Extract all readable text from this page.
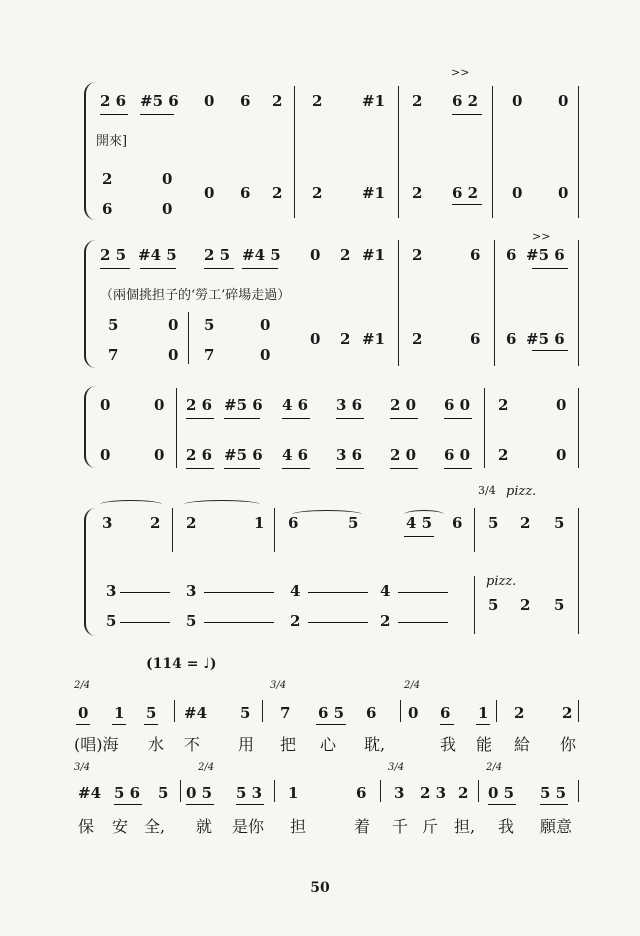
>>
2 6 #5 6 0 6 2 2	#1 2 6 2 0 0
開來]
2	0
0 6 2 2	#1 2 6 2 0 0
6	0
>>
2 5 #4 5 2 5 #4 5 0 2 #1 2	6 6 #5 6
（兩個挑担子的‘勞工’碎場走過）
5	0 5	0
0 2 #1 2	6 6 #5 6
7	0 7	0
0	0 2 6 #5 6 4 6 3 6 2 0 6 0 2	0
0	0 2 6 #5 6 4 6 3 6 2 0 6 0 2	0
3/4 pizz.
3	2 2	1 6	5	4 5 6 5 2 5
pizz.
3	3	4	4
5 2 5
5	5	2	2
(114 = ♩)
2/4	3/4	2/4
0 1 5 #4 5 7 6 5 6 0 6 1 2	2
(唱)海 水 不 用 把 心 耽,	我 能 給 你
3/4	2/4	3/4	2/4
#4 5 6 5 0 5 5 3 1	6 3 2 3 2 0 5 5 5
保 安 全, 就 是你 担	着 千 斤 担, 我 願意
50
